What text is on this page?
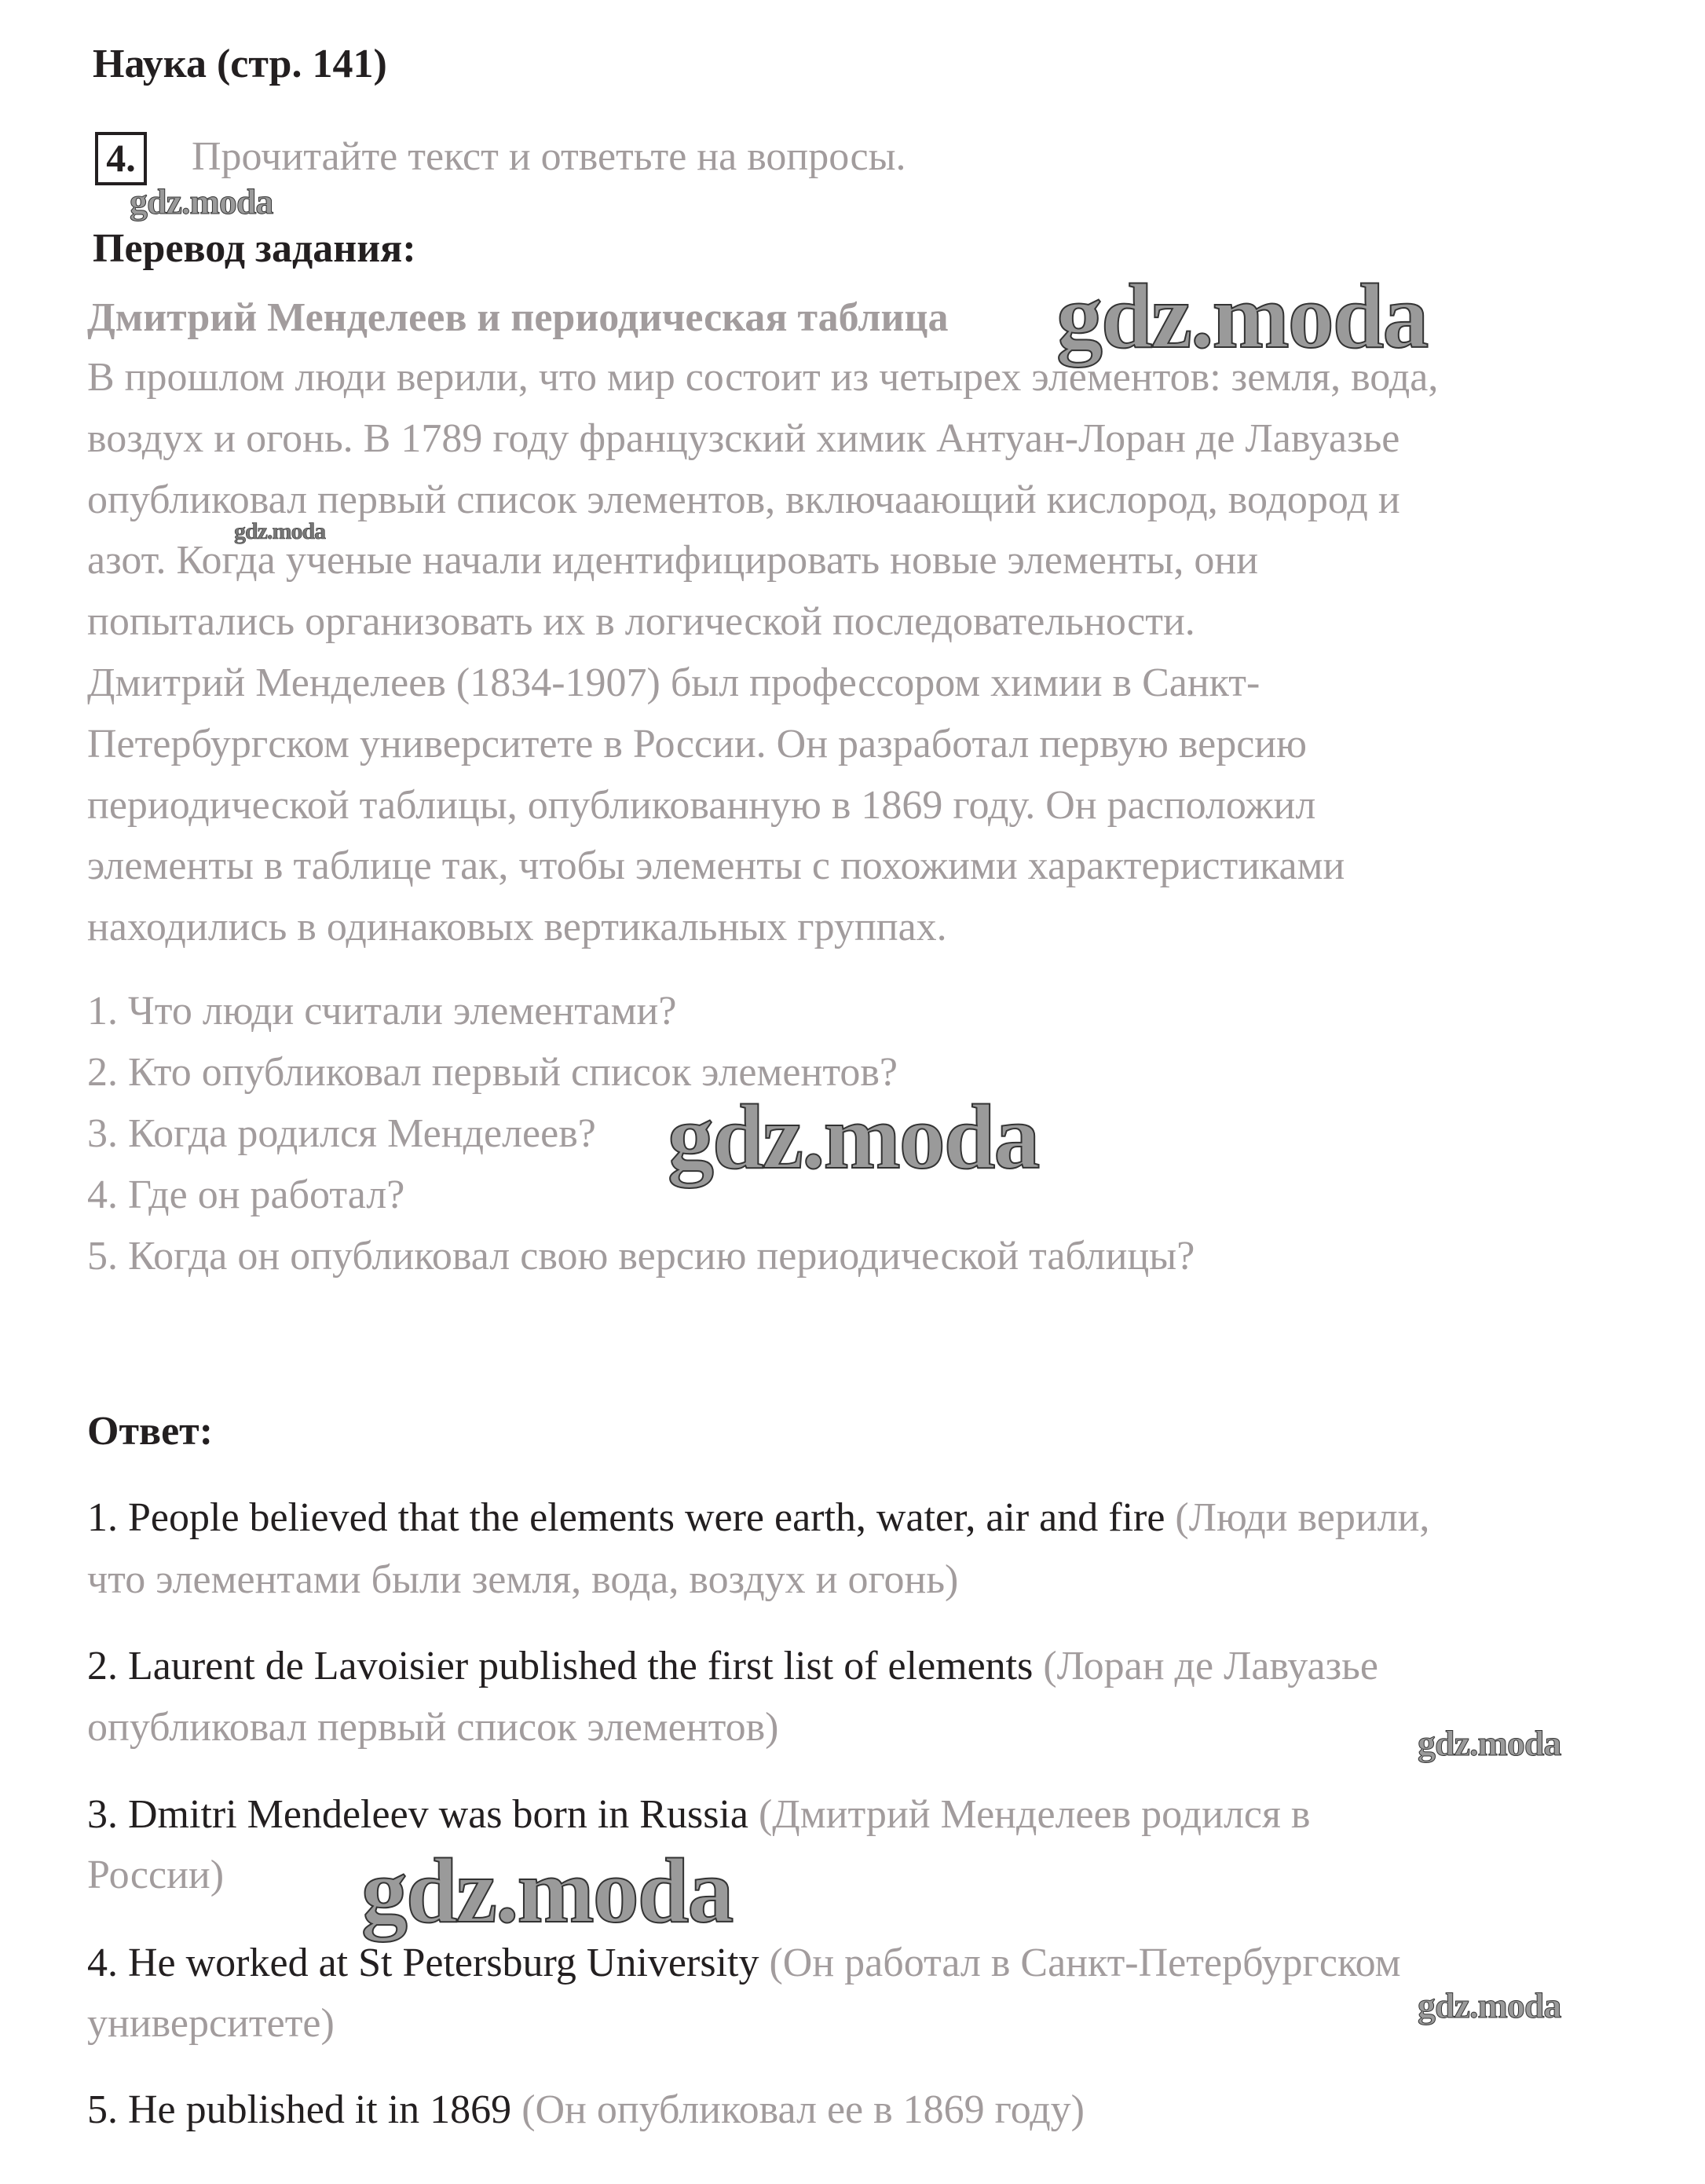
Наука (стр. 141)
4. Прочитайте текст и ответьте на вопросы.
Перевод задания:
Дмитрий Менделеев и периодическая таблица
В прошлом люди верили, что мир состоит из четырех элементов: земля, вода,
воздух и огонь. В 1789 году французский химик Антуан-Лоран де Лавуазье
опубликовал первый список элементов, включаающий кислород, водород и
азот. Когда ученые начали идентифицировать новые элементы, они
попытались организовать их в логической последовательности.
Дмитрий Менделеев (1834-1907) был профессором химии в Санкт-
Петербургском университете в России. Он разработал первую версию
периодической таблицы, опубликованную в 1869 году. Он расположил
элементы в таблице так, чтобы элементы с похожими характеристиками
находились в одинаковых вертикальных группах.
1. Что люди считали элементами?
2. Кто опубликовал первый список элементов?
3. Когда родился Менделеев?
4. Где он работал?
5. Когда он опубликовал свою версию периодической таблицы?
Ответ:
1. People believed that the elements were earth, water, air and fire (Люди верили,
что элементами были земля, вода, воздух и огонь)
2. Laurent de Lavoisier published the first list of elements (Лоран де Лавуазье
опубликовал первый список элементов)
3. Dmitri Mendeleev was born in Russia (Дмитрий Менделеев родился в
России)
4. He worked at St Petersburg University (Он работал в Санкт-Петербургском
университете)
5. He published it in 1869 (Он опубликовал ее в 1869 году)
gdz.moda
gdz.moda
gdz.moda
gdz.moda
gdz.moda
gdz.moda
gdz.moda
